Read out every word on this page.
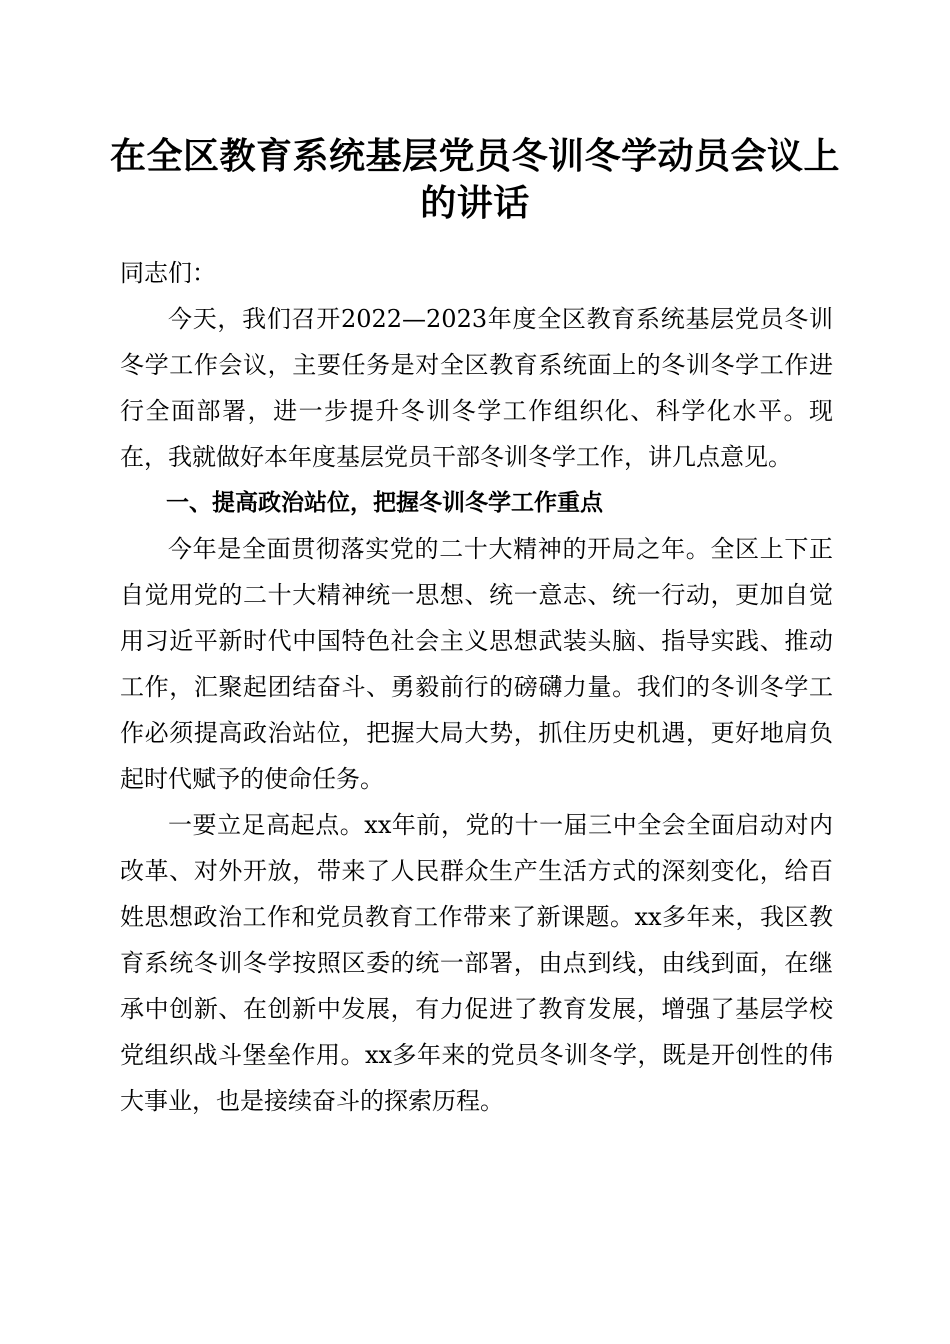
在全区教育系统基层党员冬训冬学动员会议上的讲话

同志们：

今天，我们召开2022—2023年度全区教育系统基层党员冬训冬学工作会议，主要任务是对全区教育系统面上的冬训冬学工作进行全面部署，进一步提升冬训冬学工作组织化、科学化水平。现在，我就做好本年度基层党员干部冬训冬学工作，讲几点意见。

一、提高政治站位，把握冬训冬学工作重点

今年是全面贯彻落实党的二十大精神的开局之年。全区上下正自觉用党的二十大精神统一思想、统一意志、统一行动，更加自觉用习近平新时代中国特色社会主义思想武装头脑、指导实践、推动工作，汇聚起团结奋斗、勇毅前行的磅礴力量。我们的冬训冬学工作必须提高政治站位，把握大局大势，抓住历史机遇，更好地肩负起时代赋予的使命任务。

一要立足高起点。xx年前，党的十一届三中全会全面启动对内改革、对外开放，带来了人民群众生产生活方式的深刻变化，给百姓思想政治工作和党员教育工作带来了新课题。xx多年来，我区教育系统冬训冬学按照区委的统一部署，由点到线，由线到面，在继承中创新、在创新中发展，有力促进了教育发展，增强了基层学校党组织战斗堡垒作用。xx多年来的党员冬训冬学，既是开创性的伟大事业，也是接续奋斗的探索历程。
